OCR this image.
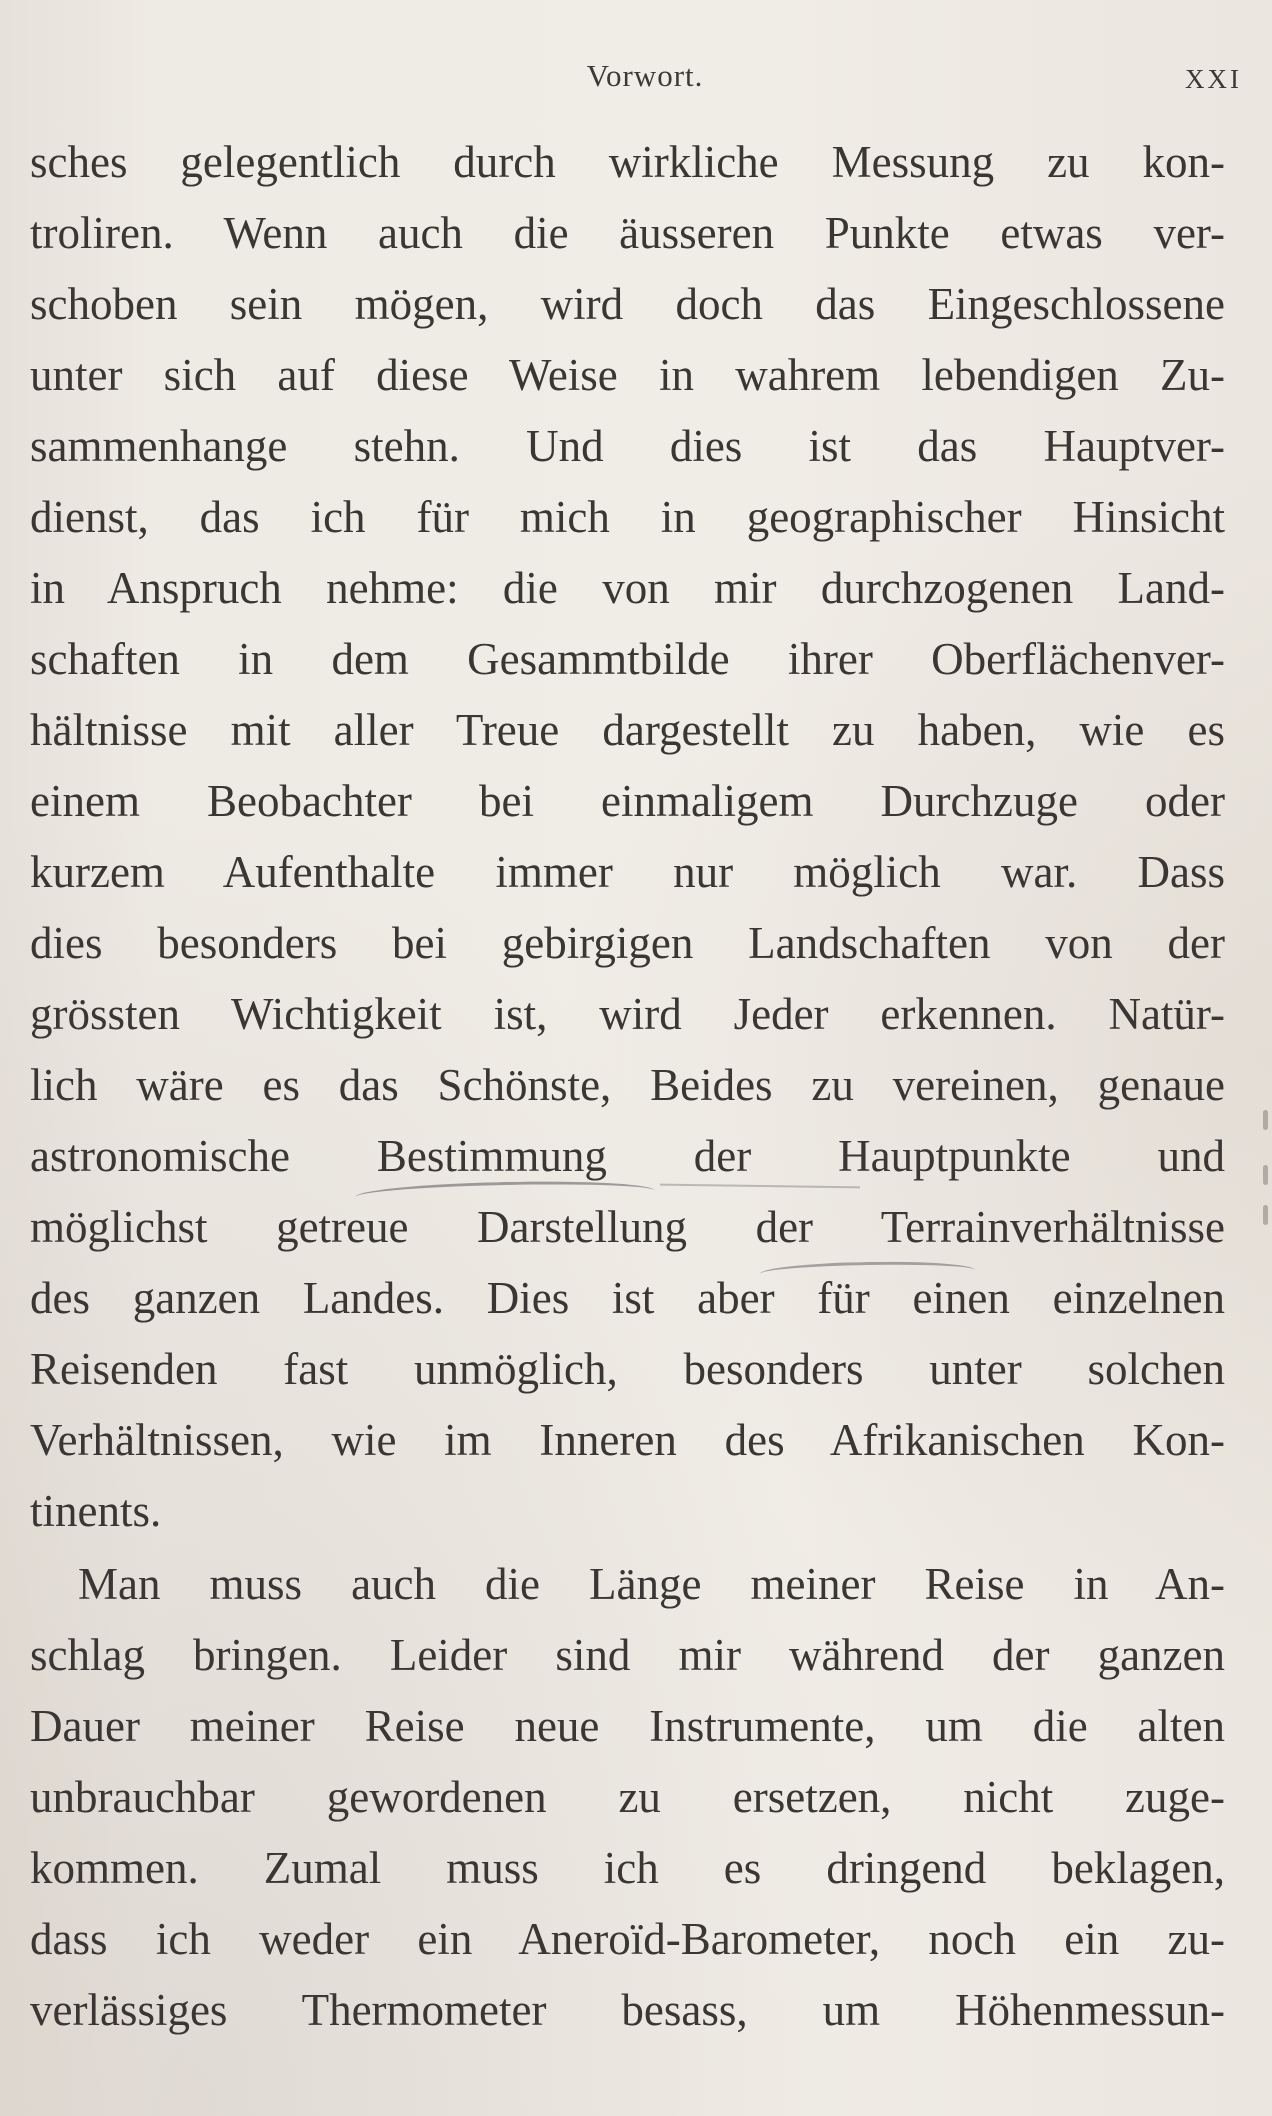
Vorwort.	XXI
sches gelegentlich durch wirkliche Messung zu kon-
troliren. Wenn auch die äusseren Punkte etwas ver-
schoben sein mögen, wird doch das Eingeschlossene
unter sich auf diese Weise in wahrem lebendigen Zu-
sammenhange stehn. Und dies ist das Hauptver-
dienst, das ich für mich in geographischer Hinsicht
in Anspruch nehme: die von mir durchzogenen Land-
schaften in dem Gesammtbilde ihrer Oberflächenver-
hältnisse mit aller Treue dargestellt zu haben, wie es
einem Beobachter bei einmaligem Durchzuge oder
kurzem Aufenthalte immer nur möglich war. Dass
dies besonders bei gebirgigen Landschaften von der
grössten Wichtigkeit ist, wird Jeder erkennen. Natür-
lich wäre es das Schönste, Beides zu vereinen, genaue
astronomische Bestimmung der Hauptpunkte und
möglichst getreue Darstellung der Terrainverhältnisse
des ganzen Landes. Dies ist aber für einen einzelnen
Reisenden fast unmöglich, besonders unter solchen
Verhältnissen, wie im Inneren des Afrikanischen Kon-
tinents.
Man muss auch die Länge meiner Reise in An-
schlag bringen. Leider sind mir während der ganzen
Dauer meiner Reise neue Instrumente, um die alten
unbrauchbar gewordenen zu ersetzen, nicht zuge-
kommen. Zumal muss ich es dringend beklagen,
dass ich weder ein Aneroïd-Barometer, noch ein zu-
verlässiges Thermometer besass, um Höhenmessun-
